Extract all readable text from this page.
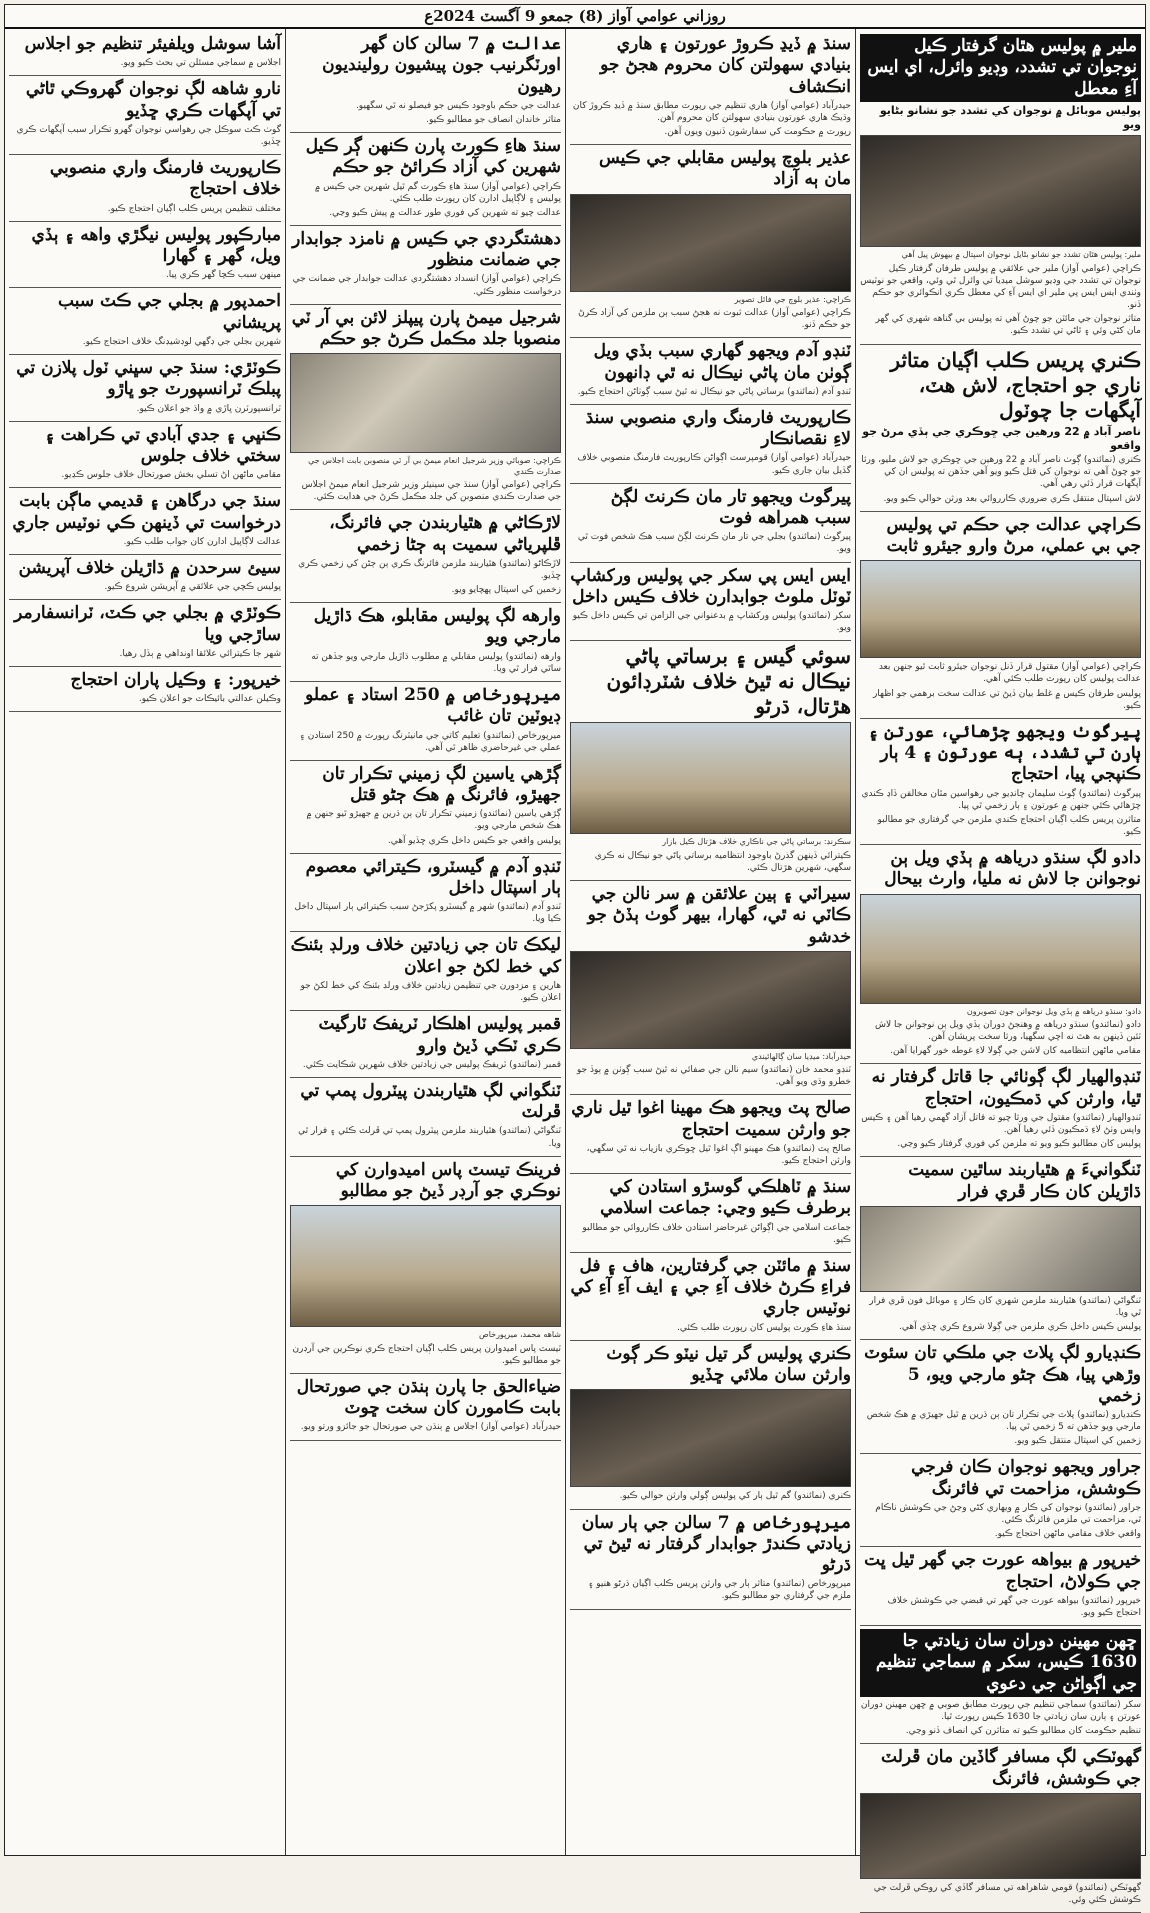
روزاني عوامي آواز (8) جمعو 9 آگسٽ 2024ع
ملير ۾ پوليس هٿان گرفتار ڪيل نوجوان تي تشدد، وڊيو وائرل، اي ايس آءِ معطل
پوليس موبائل ۾ نوجوان کي تشدد جو نشانو بڻايو ويو
ملير: پوليس هٿان تشدد جو نشانو بڻايل نوجوان اسپتال ۾ بيهوش پيل آهي

ڪراچي (عوامي آواز) ملير جي علائقي ۾ پوليس طرفان گرفتار ڪيل نوجوان تي تشدد جي وڊيو سوشل ميڊيا تي وائرل ٿي وئي، واقعي جو نوٽيس وٺندي ايس ايس پي ملير اي ايس آءِ کي معطل ڪري انڪوائري جو حڪم ڏنو.

متاثر نوجوان جي مائٽن جو چوڻ آهي ته پوليس بي گناهه شهري کي گهر مان کڻي وئي ۽ ٿاڻي تي تشدد ڪيو.

ڪنري پريس ڪلب اڳيان متاثر ناري جو احتجاج، لاش هٽ، آپگهات جا چوٽول
ناصر آباد ۾ 22 ورهين جي ڇوڪري جي ٻڏي مرڻ جو واقعو

ڪنري (نمائندو) ڳوٺ ناصر آباد ۾ 22 ورهين جي ڇوڪري جو لاش مليو، ورثا جو چوڻ آهي ته نوجوان کي قتل ڪيو ويو آهي جڏهن ته پوليس ان کي آپگهات قرار ڏئي رهي آهي.

لاش اسپتال منتقل ڪري ضروري ڪارروائي بعد ورثن حوالي ڪيو ويو.

ڪراچي عدالت جي حڪم تي پوليس جي بي عملي، مرڻ وارو جيئرو ثابت

ڪراچي (عوامي آواز) مقتول قرار ڏنل نوجوان جيئرو ثابت ٿيو جنهن بعد عدالت پوليس کان رپورٽ طلب ڪئي آهي.

پوليس طرفان ڪيس ۾ غلط بيان ڏيڻ تي عدالت سخت برهمي جو اظهار ڪيو.

پيرگوٺ ويجهو چڙهائي، عورتن ۽ ٻارن تي تشدد، ٻه عورتون ۽ 4 ٻار ڪنپجي پيا، احتجاج

پيرگوٺ (نمائندو) ڳوٺ سليمان چانڊيو جي رهواسين مٿان مخالفن ڏاڍ ڪندي چڙهائي ڪئي جنهن ۾ عورتون ۽ ٻار زخمي ٿي پيا.

متاثرن پريس ڪلب اڳيان احتجاج ڪندي ملزمن جي گرفتاري جو مطالبو ڪيو.

دادو لڳ سنڌو درياهه ۾ ٻڏي ويل ٻن نوجوانن جا لاش نه مليا، وارث بيحال
دادو: سنڌو درياهه ۾ ٻڏي ويل نوجوانن جون تصويرون

دادو (نمائندو) سنڌو درياهه ۾ وهنجڻ دوران ٻڏي ويل ٻن نوجوانن جا لاش ٽئين ڏينهن به هٿ نه اچي سگهيا، ورثا سخت پريشان آهن.

مقامي ماڻهن انتظاميه کان لاشن جي ڳولا لاءِ غوطه خور گهرايا آهن.

ٽنڊوالهيار لڳ ڳوٺائي جا قاتل گرفتار نه ٿيا، وارثن کي ڌمڪيون، احتجاج

ٽنڊوالهيار (نمائندو) مقتول جي ورثا چيو ته قاتل آزاد گهمي رهيا آهن ۽ ڪيس واپس وٺڻ لاءِ ڌمڪيون ڏئي رهيا آهن.

پوليس کان مطالبو ڪيو ويو ته ملزمن کي فوري گرفتار ڪيو وڃي.

ٽنگوانيءَ ۾ هٿياربند ساٿين سميت ڌاڙيلن کان ڪار ڦري فرار

ٽنگواڻي (نمائندو) هٿياربند ملزمن شهري کان ڪار ۽ موبائل فون ڦري فرار ٿي ويا.

پوليس ڪيس داخل ڪري ملزمن جي ڳولا شروع ڪري ڇڏي آهي.

ڪنڊيارو لڳ پلاٽ جي ملڪي تان سئوٽ وڙهي پيا، هڪ ڄڻو مارجي ويو، 5 زخمي

ڪنڊيارو (نمائندو) پلاٽ جي تڪرار تان ٻن ڌرين ۾ ٿيل جهيڙي ۾ هڪ شخص مارجي ويو جڏهن ته 5 زخمي ٿي پيا.

زخمين کي اسپتال منتقل ڪيو ويو.

جراور ويجهو نوجوان ڪان فرجي ڪوشش، مزاحمت تي فائرنگ

جراور (نمائندو) نوجوان کي ڪار ۾ ويهاري کڻي وڃڻ جي ڪوشش ناڪام ٿي، مزاحمت تي ملزمن فائرنگ ڪئي.

واقعي خلاف مقامي ماڻهن احتجاج ڪيو.

خيرپور ۾ بيواهه عورت جي گهر ٿيل ڀت جي ڪولاڻ، احتجاج

خيرپور (نمائندو) بيواهه عورت جي گهر تي قبضي جي ڪوشش خلاف احتجاج ڪيو ويو.

ڇهن مهينن دوران سان زيادتي جا 1630 ڪيس، سکر ۾ سماجي تنظيم جي اڳواڻن جي دعوي

سکر (نمائندو) سماجي تنظيم جي رپورٽ مطابق صوبي ۾ ڇهن مهينن دوران عورتن ۽ ٻارن سان زيادتي جا 1630 ڪيس رپورٽ ٿيا.

تنظيم حڪومت کان مطالبو ڪيو ته متاثرن کي انصاف ڏنو وڃي.

گهوٽڪي لڳ مسافر گاڏين مان ڦرلٽ جي ڪوشش، فائرنگ

گهوٽڪي (نمائندو) قومي شاهراهه تي مسافر گاڏي کي روڪي ڦرلٽ جي ڪوشش ڪئي وئي.

سنڌ ۾ ڏيڍ ڪروڙ عورتون ۽ هاري بنيادي سهولتن کان محروم هجڻ جو انڪشاف

حيدرآباد (عوامي آواز) هاري تنظيم جي رپورٽ مطابق سنڌ ۾ ڏيڍ ڪروڙ کان وڌيڪ هاري عورتون بنيادي سهولتن کان محروم آهن.

رپورٽ ۾ حڪومت کي سفارشون ڏنيون ويون آهن.

عذير بلوچ پوليس مقابلي جي ڪيس مان ٻه آزاد
ڪراچي: عذير بلوچ جي فائل تصوير

ڪراچي (عوامي آواز) عدالت ثبوت نه هجڻ سبب ٻن ملزمن کي آزاد ڪرڻ جو حڪم ڏنو.

ٽنڊو آدم ويجهو گهاري سبب بڏي ويل ڳوٺن مان پاڻي نيڪال نه ٿي ڊانهون

ٽنڊو آدم (نمائندو) برساتي پاڻي جو نيڪال نه ٿيڻ سبب ڳوٺاڻن احتجاج ڪيو.

ڪارپوريٽ فارمنگ واري منصوبي سنڌ لاءِ نقصانڪار

حيدرآباد (عوامي آواز) قومپرست اڳواڻن ڪارپوريٽ فارمنگ منصوبي خلاف گڏيل بيان جاري ڪيو.

پيرگوٺ ويجهو تار مان ڪرنٽ لڳڻ سبب همراهه فوت

پيرگوٺ (نمائندو) بجلي جي تار مان ڪرنٽ لڳڻ سبب هڪ شخص فوت ٿي ويو.

ايس ايس پي سکر جي پوليس ورکشاپ ٽوٽل ملوث جوابدارن خلاف ڪيس داخل

سکر (نمائندو) پوليس ورکشاپ ۾ بدعنواني جي الزامن تي ڪيس داخل ڪيو ويو.

سوئي گيس ۽ برساتي پاڻي نيڪال نه ٿيڻ خلاف شٽرڊائون هڙتال، ڌرڻو
سڪرنڊ: برساتي پاڻي جي ناڪاري خلاف هڙتال ڪيل بازار

ڪيترائي ڏينهن گذرڻ باوجود انتظاميه برساتي پاڻي جو نيڪال نه ڪري سگهي، شهرين هڙتال ڪئي.

سيراٽي ۽ ٻين علائقن ۾ سر نالن جي ڪاٽي نه ٿي، گهارا، بيهر گوٺ ٻڏڻ جو خدشو
حيدرآباد: ميڊيا سان ڳالهائيندي

ٽنڊو محمد خان (نمائندو) سيم نالن جي صفائي نه ٿيڻ سبب ڳوٺن ۾ ٻوڏ جو خطرو وڌي ويو آهي.

صالح پٽ ويجهو هڪ مهينا اغوا ٿيل ناري جو وارثن سميت احتجاج

صالح پٽ (نمائندو) هڪ مهينو اڳ اغوا ٿيل ڇوڪري بازياب نه ٿي سگهي، وارثن احتجاج ڪيو.

سنڌ ۾ ٽاهلڪي گوسڙو استادن کي برطرف ڪيو وڃي: جماعت اسلامي

جماعت اسلامي جي اڳواڻن غيرحاضر استادن خلاف ڪارروائي جو مطالبو ڪيو.

سنڌ ۾ مائٽن جي گرفتارين، هاف ۽ فل فراءِ ڪرڻ خلاف آءِ جي ۽ ايف آءِ آءِ کي نوٽيس جاري

سنڌ هاءِ ڪورٽ پوليس کان رپورٽ طلب ڪئي.

ڪنري پوليس گر تيل نيٽو ڪر ڳوٺ وارثن سان ملائي ڇڏيو

ڪنري (نمائندو) گم ٿيل ٻار کي پوليس ڳولي وارثن حوالي ڪيو.

ميرپورخاص ۾ 7 سالن جي ٻار سان زيادتي ڪندڙ جوابدار گرفتار نه ٿيڻ تي ڌرڻو

ميرپورخاص (نمائندو) متاثر ٻار جي وارثن پريس ڪلب اڳيان ڌرڻو هنيو ۽ ملزم جي گرفتاري جو مطالبو ڪيو.

عدالت ۾ 7 سالن کان گهر اورٽگرنيب جون پيشيون رولينديون رهيون

عدالت جي حڪم باوجود ڪيس جو فيصلو نه ٿي سگهيو.

متاثر خاندان انصاف جو مطالبو ڪيو.

سنڌ هاءِ ڪورٽ پارن ڪنهن ڳر ڪيل شهرين کي آزاد ڪرائڻ جو حڪم

ڪراچي (عوامي آواز) سنڌ هاءِ ڪورٽ گم ٿيل شهرين جي ڪيس ۾ پوليس ۽ لاڳاپيل ادارن کان رپورٽ طلب ڪئي.

عدالت چيو ته شهرين کي فوري طور عدالت ۾ پيش ڪيو وڃي.

دهشتگردي جي ڪيس ۾ نامزد جوابدار جي ضمانت منظور

ڪراچي (عوامي آواز) انسداد دهشتگردي عدالت جوابدار جي ضمانت جي درخواست منظور ڪئي.

شرجيل ميمڻ پارن پيپلز لائن بي آر ٽي منصوبا جلد مڪمل ڪرڻ جو حڪم
ڪراچي: صوبائي وزير شرجيل انعام ميمڻ بي آر ٽي منصوبن بابت اجلاس جي صدارت ڪندي

ڪراچي (عوامي آواز) سنڌ جي سينيئر وزير شرجيل انعام ميمڻ اجلاس جي صدارت ڪندي منصوبن کي جلد مڪمل ڪرڻ جي هدايت ڪئي.

لاڙڪاڻي ۾ هٿياربندن جي فائرنگ، ڦلپرياڻي سميت ٻه ڄڻا زخمي

لاڙڪاڻو (نمائندو) هٿياربند ملزمن فائرنگ ڪري ٻن ڄڻن کي زخمي ڪري ڇڏيو.

زخمين کي اسپتال پهچايو ويو.

وارهه لڳ پوليس مقابلو، هڪ ڌاڙيل مارجي ويو

وارهه (نمائندو) پوليس مقابلي ۾ مطلوب ڌاڙيل مارجي ويو جڏهن ته ساٿي فرار ٿي ويا.

ميرپورخاص ۾ 250 استاد ۽ عملو ڊيوٽين تان غائب

ميرپورخاص (نمائندو) تعليم کاتي جي مانيٽرنگ رپورٽ ۾ 250 استادن ۽ عملي جي غيرحاضري ظاهر ٿي آهي.

ڳڙهي ياسين لڳ زميني تڪرار تان جهيڙو، فائرنگ ۾ هڪ ڄڻو قتل

ڳڙهي ياسين (نمائندو) زميني تڪرار تان ٻن ڌرين ۾ جهيڙو ٿيو جنهن ۾ هڪ شخص مارجي ويو.

پوليس واقعي جو ڪيس داخل ڪري ڇڏيو آهي.

ٽنڊو آدم ۾ گيسٽرو، ڪيترائي معصوم ٻار اسپتال داخل

ٽنڊو آدم (نمائندو) شهر ۾ گيسٽرو پکڙجڻ سبب ڪيترائي ٻار اسپتال داخل ڪيا ويا.

ليکڪ تان جي زيادتين خلاف ورلڊ بئنڪ کي خط لکڻ جو اعلان

هارين ۽ مزدورن جي تنظيمن زيادتين خلاف ورلڊ بئنڪ کي خط لکڻ جو اعلان ڪيو.

قمبر پوليس اهلڪار ٽريفڪ ٽارگيٽ ڪري ٽڪي ڏيڻ وارو

قمبر (نمائندو) ٽريفڪ پوليس جي زيادتين خلاف شهرين شڪايت ڪئي.

ٽنگواني لڳ هٿياربندن پيٽرول پمپ تي ڦرلٽ

ٽنگواڻي (نمائندو) هٿياربند ملزمن پيٽرول پمپ تي ڦرلٽ ڪئي ۽ فرار ٿي ويا.

فرينڪ تيسٽ پاس اميدوارن کي نوڪري جو آرڊر ڏيڻ جو مطالبو
شاهه محمد، ميرپورخاص

ٽيسٽ پاس اميدوارن پريس ڪلب اڳيان احتجاج ڪري نوڪرين جي آرڊرن جو مطالبو ڪيو.

ضياءالحق جا پارن ٻنڌن جي صورتحال بابت ڪامورن کان سخت ڇوٽ

حيدرآباد (عوامي آواز) اجلاس ۾ ٻنڌن جي صورتحال جو جائزو ورتو ويو.

آشا سوشل ويلفيئر تنظيم جو اجلاس

اجلاس ۾ سماجي مسئلن تي بحث ڪيو ويو.

نارو شاهه لڳ نوجوان گهروڪي ٿاڻي تي آپگهات ڪري ڇڏيو

گوٺ ڪٽ سوڪل جي رهواسي نوجوان گهرو تڪرار سبب آپگهات ڪري ڇڏيو.

ڪارپوريٽ فارمنگ واري منصوبي خلاف احتجاج

مختلف تنظيمن پريس ڪلب اڳيان احتجاج ڪيو.

مبارڪپور پوليس نيگڙي واهه ۽ ٻڏي ويل، گهر ۽ گهارا

مينهن سبب ڪچا گهر ڪري پيا.

احمدپور ۾ بجلي جي ڪٽ سبب پريشاني

شهرين بجلي جي ڊگهي لوڊشيڊنگ خلاف احتجاج ڪيو.

ڪوٽڙي: سنڌ جي سڀني ٽول پلازن تي پبلڪ ٽرانسپورٽ جو ڀاڙو

ٽرانسپورٽرن ڀاڙي ۾ واڌ جو اعلان ڪيو.

ڪنڀي ۽ جدي آبادي تي ڪراهت ۽ سختي خلاف جلوس

مقامي ماڻهن اڻ تسلي بخش صورتحال خلاف جلوس ڪڍيو.

سنڌ جي درگاهن ۽ قديمي ماڳن بابت درخواست تي ڏينهن ڪي نوٽيس جاري

عدالت لاڳاپيل ادارن کان جواب طلب ڪيو.

سيئ سرحدن ۾ ڌاڙيلن خلاف آپريشن

پوليس ڪچي جي علائقي ۾ آپريشن شروع ڪيو.

ڪوٽڙي ۾ بجلي جي ڪٽ، ٽرانسفارمر ساڙجي ويا

شهر جا ڪيترائي علائقا اونداهي ۾ ٻڏل رهيا.

خيرپور: ۽ وڪيل پاران احتجاج

وڪيلن عدالتي بائيڪاٽ جو اعلان ڪيو.
